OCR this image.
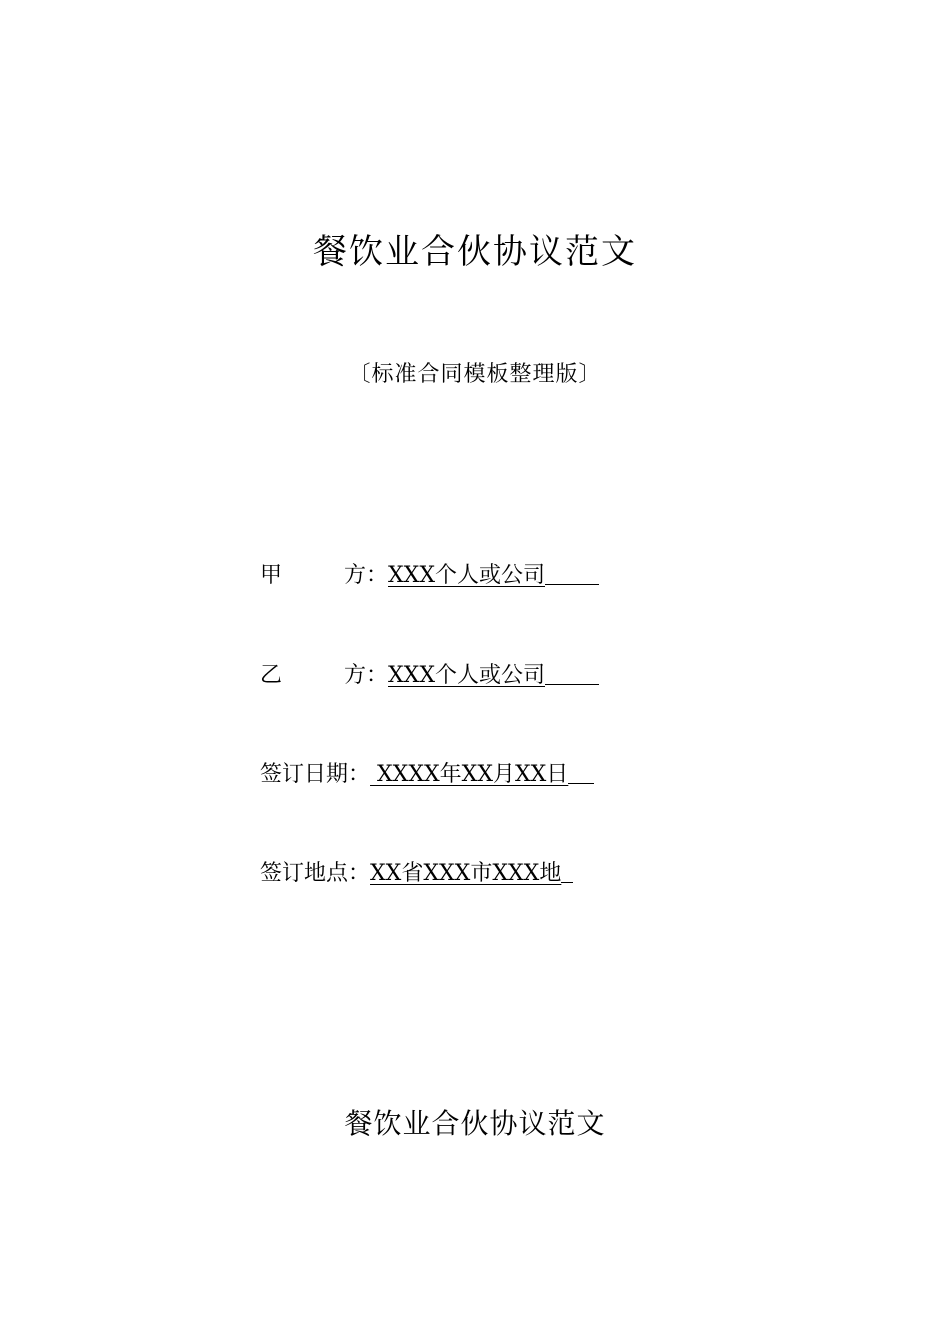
餐饮业合伙协议范文
〔标准合同模板整理版〕
甲	方： XXX个人或公司
乙	方： XXX个人或公司
签订日期： XXXX年XX月XX日
签订地点：XX省XXX市XXX地
餐饮业合伙协议范文
